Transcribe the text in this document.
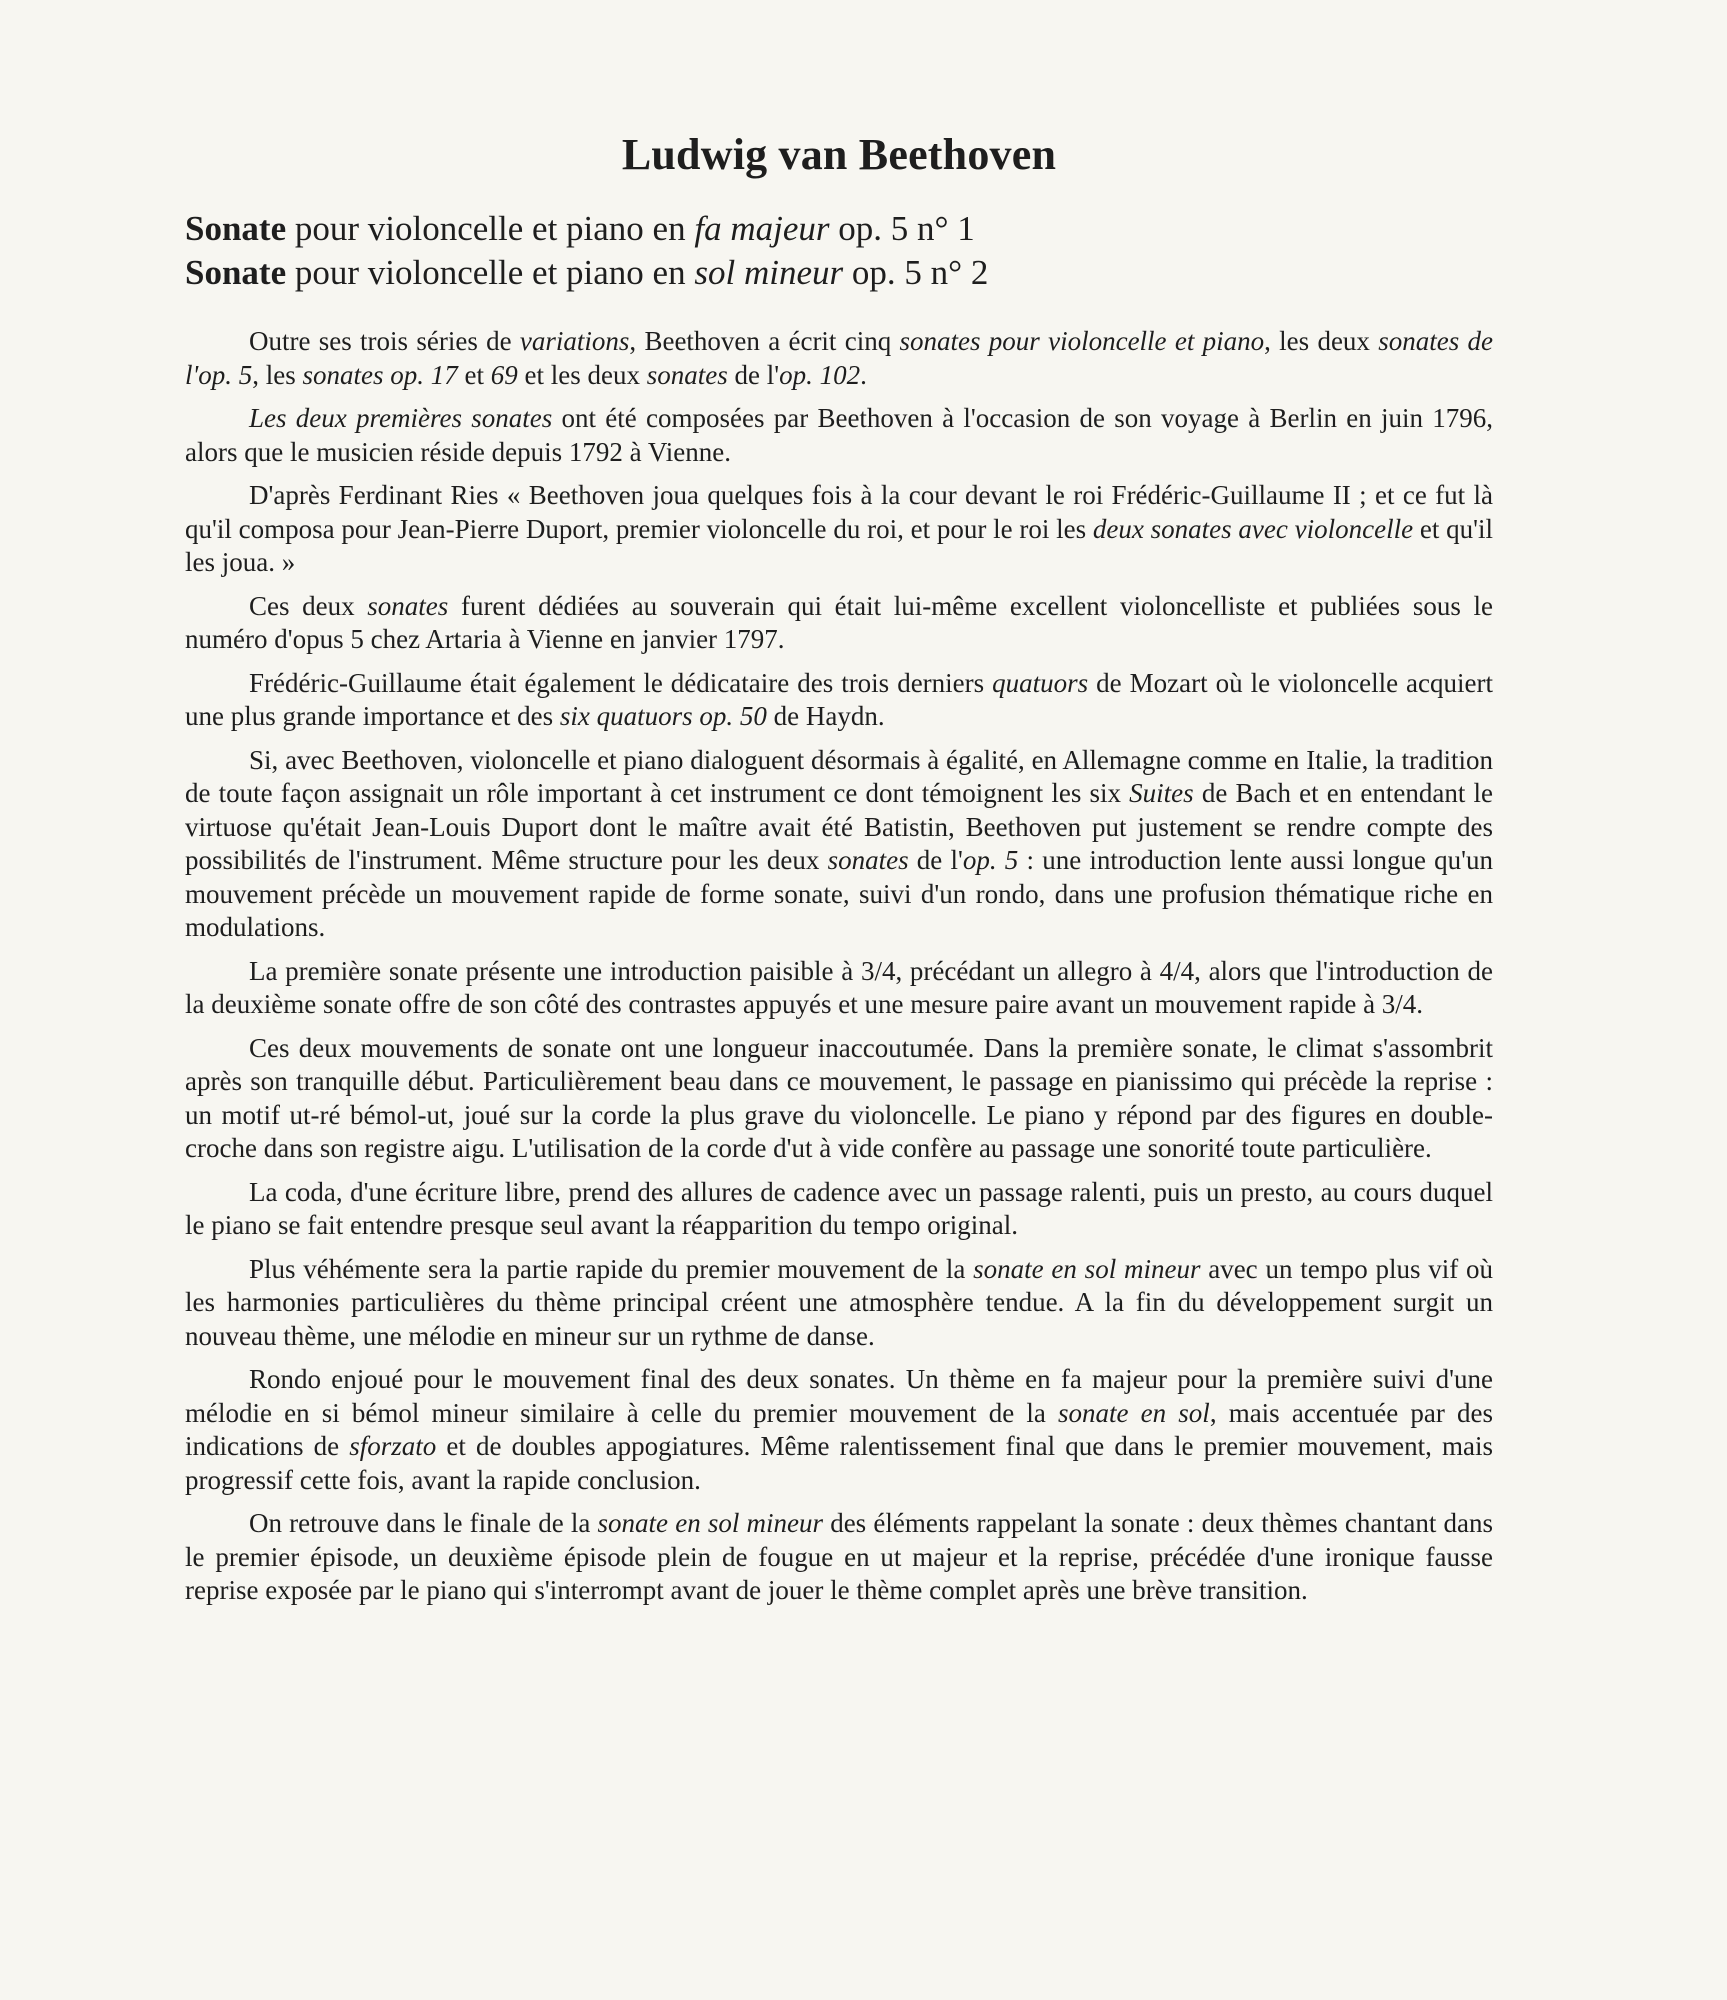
Ludwig van Beethoven

Sonate pour violoncelle et piano en fa majeur op. 5 n° 1

Sonate pour violoncelle et piano en sol mineur op. 5 n° 2

Outre ses trois séries de variations, Beethoven a écrit cinq sonates pour violoncelle et piano, les deux sonates de l'op. 5, les sonates op. 17 et 69 et les deux sonates de l'op. 102.

Les deux premières sonates ont été composées par Beethoven à l'occasion de son voyage à Berlin en juin 1796, alors que le musicien réside depuis 1792 à Vienne.

D'après Ferdinant Ries « Beethoven joua quelques fois à la cour devant le roi Frédéric-Guillaume II ; et ce fut là qu'il composa pour Jean-Pierre Duport, premier violoncelle du roi, et pour le roi les deux sonates avec violoncelle et qu'il les joua. »

Ces deux sonates furent dédiées au souverain qui était lui-même excellent violoncelliste et publiées sous le numéro d'opus 5 chez Artaria à Vienne en janvier 1797.

Frédéric-Guillaume était également le dédicataire des trois derniers quatuors de Mozart où le violoncelle acquiert une plus grande importance et des six quatuors op. 50 de Haydn.

Si, avec Beethoven, violoncelle et piano dialoguent désormais à égalité, en Allemagne comme en Italie, la tradition de toute façon assignait un rôle important à cet instrument ce dont témoignent les six Suites de Bach et en entendant le virtuose qu'était Jean-Louis Duport dont le maître avait été Batistin, Beethoven put justement se rendre compte des possibilités de l'instrument. Même structure pour les deux sonates de l'op. 5 : une introduction lente aussi longue qu'un mouvement précède un mouvement rapide de forme sonate, suivi d'un rondo, dans une profusion thématique riche en modulations.

La première sonate présente une introduction paisible à 3/4, précédant un allegro à 4/4, alors que l'introduction de la deuxième sonate offre de son côté des contrastes appuyés et une mesure paire avant un mouvement rapide à 3/4.

Ces deux mouvements de sonate ont une longueur inaccoutumée. Dans la première sonate, le climat s'assombrit après son tranquille début. Particulièrement beau dans ce mouvement, le passage en pianissimo qui précède la reprise : un motif ut-ré bémol-ut, joué sur la corde la plus grave du violoncelle. Le piano y répond par des figures en double-croche dans son registre aigu. L'utilisation de la corde d'ut à vide confère au passage une sonorité toute particulière.

La coda, d'une écriture libre, prend des allures de cadence avec un passage ralenti, puis un presto, au cours duquel le piano se fait entendre presque seul avant la réapparition du tempo original.

Plus véhémente sera la partie rapide du premier mouvement de la sonate en sol mineur avec un tempo plus vif où les harmonies particulières du thème principal créent une atmosphère tendue. A la fin du développement surgit un nouveau thème, une mélodie en mineur sur un rythme de danse.

Rondo enjoué pour le mouvement final des deux sonates. Un thème en fa majeur pour la première suivi d'une mélodie en si bémol mineur similaire à celle du premier mouvement de la sonate en sol, mais accentuée par des indications de sforzato et de doubles appogiatures. Même ralentissement final que dans le premier mouvement, mais progressif cette fois, avant la rapide conclusion.

On retrouve dans le finale de la sonate en sol mineur des éléments rappelant la sonate : deux thèmes chantant dans le premier épisode, un deuxième épisode plein de fougue en ut majeur et la reprise, précédée d'une ironique fausse reprise exposée par le piano qui s'interrompt avant de jouer le thème complet après une brève transition.
